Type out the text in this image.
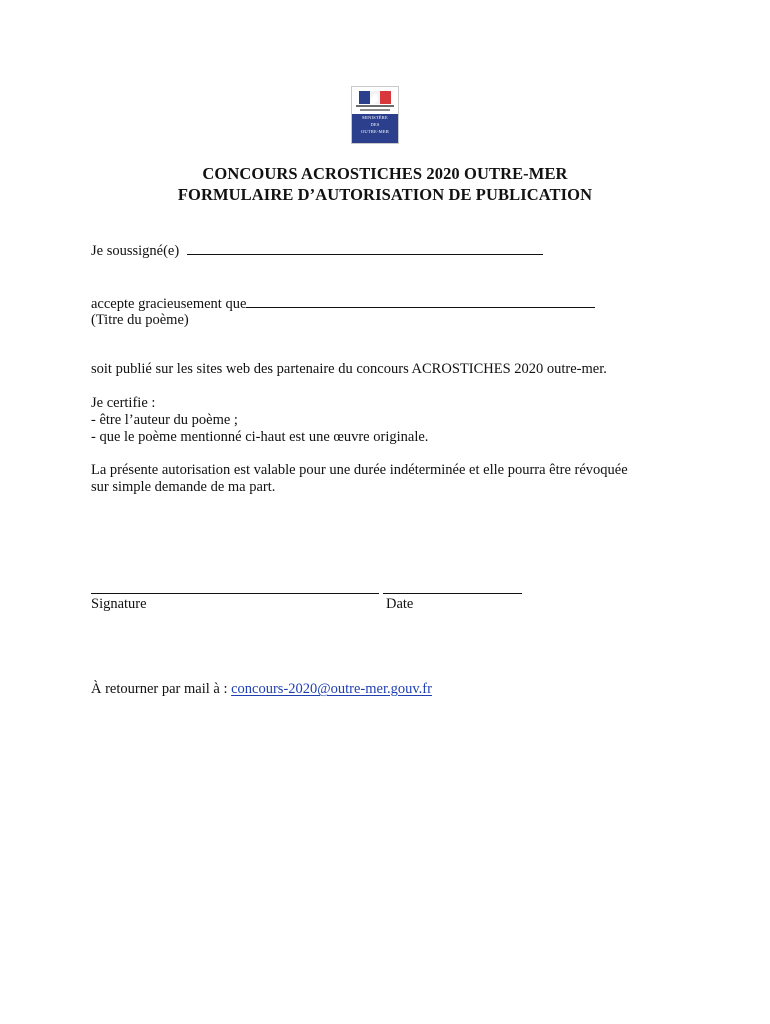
MINISTÈRE
DES
OUTRE-MER
CONCOURS ACROSTICHES 2020 OUTRE-MER
FORMULAIRE D’AUTORISATION DE PUBLICATION
Je soussigné(e)
accepte gracieusement que
(Titre du poème)
soit publié sur les sites web des partenaire du concours ACROSTICHES 2020 outre-mer.
Je certifie :
- être l’auteur du poème ;
- que le poème mentionné ci-haut est une œuvre originale.
La présente autorisation est valable pour une durée indéterminée et elle pourra être révoquée
sur simple demande de ma part.
Signature	Date
À retourner par mail à : concours-2020@outre-mer.gouv.fr
